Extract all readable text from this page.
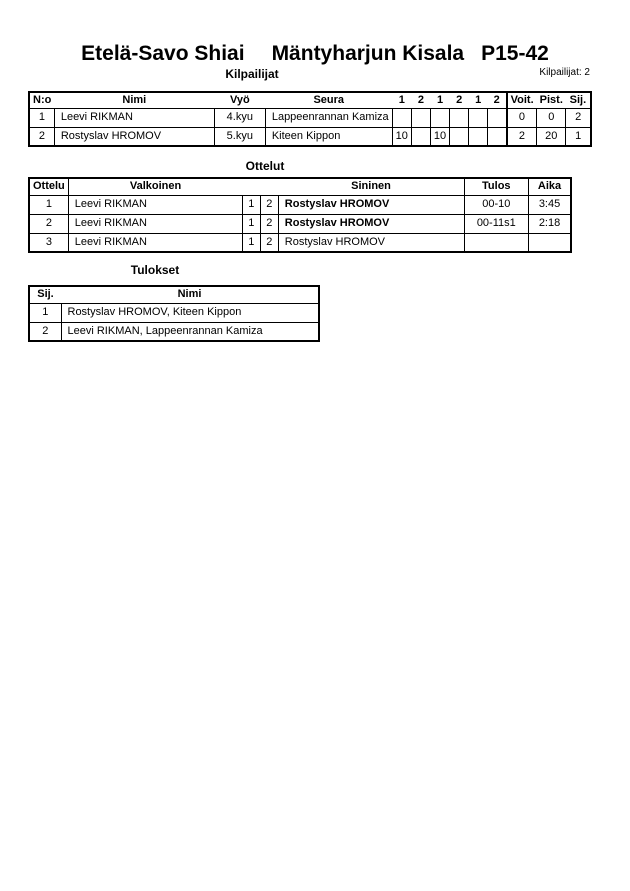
Etelä-Savo Shiai Mäntyharjun Kisala P15-42
Kilpailijat	Kilpailijat: 2
N:o	Nimi	Vyö	Seura	1	2	1	2	1	2	Voit.	Pist.	Sij.
1	Leevi RIKMAN	4.kyu	Lappeenrannan Kamiza							0	0	2
2	Rostyslav HROMOV	5.kyu	Kiteen Kippon	10		10				2	20	1
Ottelut
Ottelu	Valkoinen			Sininen	Tulos	Aika
1	Leevi RIKMAN	1	2	Rostyslav HROMOV	00-10	3:45
2	Leevi RIKMAN	1	2	Rostyslav HROMOV	00-11s1	2:18
3	Leevi RIKMAN	1	2	Rostyslav HROMOV		
Tulokset
Sij.	Nimi
1	Rostyslav HROMOV, Kiteen Kippon
2	Leevi RIKMAN, Lappeenrannan Kamiza
